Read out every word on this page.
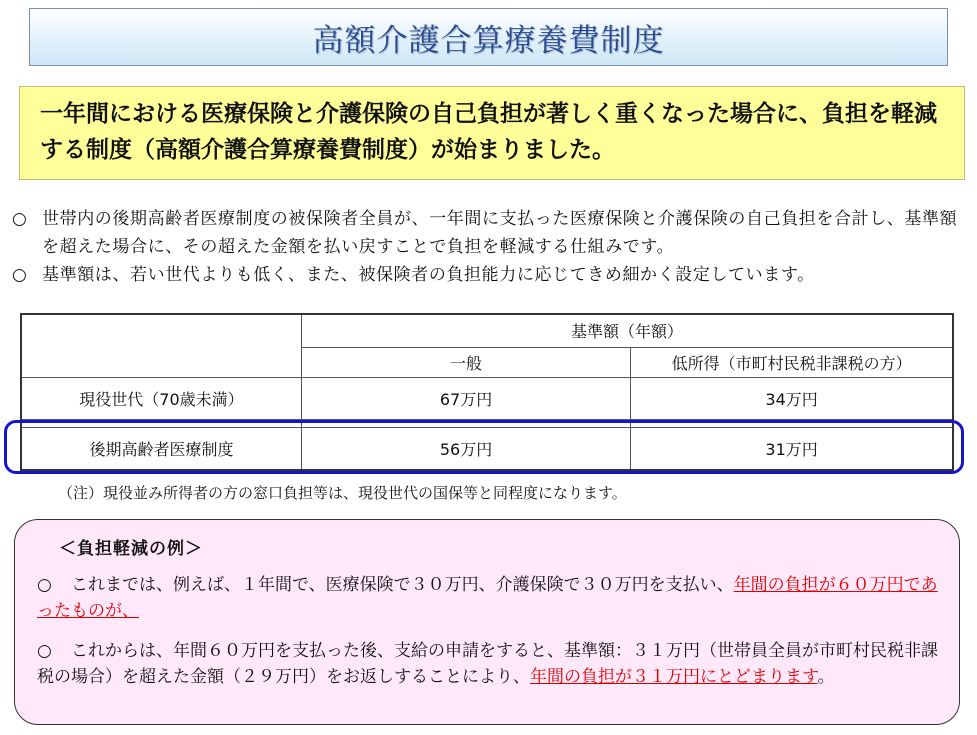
高額介護合算療養費制度
一年間における医療保険と介護保険の自己負担が著しく重くなった場合に、負担を軽減する制度（高額介護合算療養費制度）が始まりました。
○ 世帯内の後期高齢者医療制度の被保険者全員が、一年間に支払った医療保険と介護保険の自己負担を合計し、基準額を超えた場合に、その超えた金額を払い戻すことで負担を軽減する仕組みです。
○ 基準額は、若い世代よりも低く、また、被保険者の負担能力に応じてきめ細かく設定しています。
	基準額（年額）	
	一般	低所得（市町村民税非課税の方）
現役世代（70歳未満）	67万円	34万円

後期高齢者医療制度	56万円	31万円
（注）現役並み所得者の方の窓口負担等は、現役世代の国保等と同程度になります。
＜負担軽減の例＞
○ これまでは、例えば、１年間で、医療保険で３０万円、介護保険で３０万円を支払い、年間の負担が６０万円であったものが、
○ これからは、年間６０万円を支払った後、支給の申請をすると、基準額：３１万円（世帯員全員が市町村民税非課税の場合）を超えた金額（２９万円）をお返しすることにより、年間の負担が３１万円にとどまります。
